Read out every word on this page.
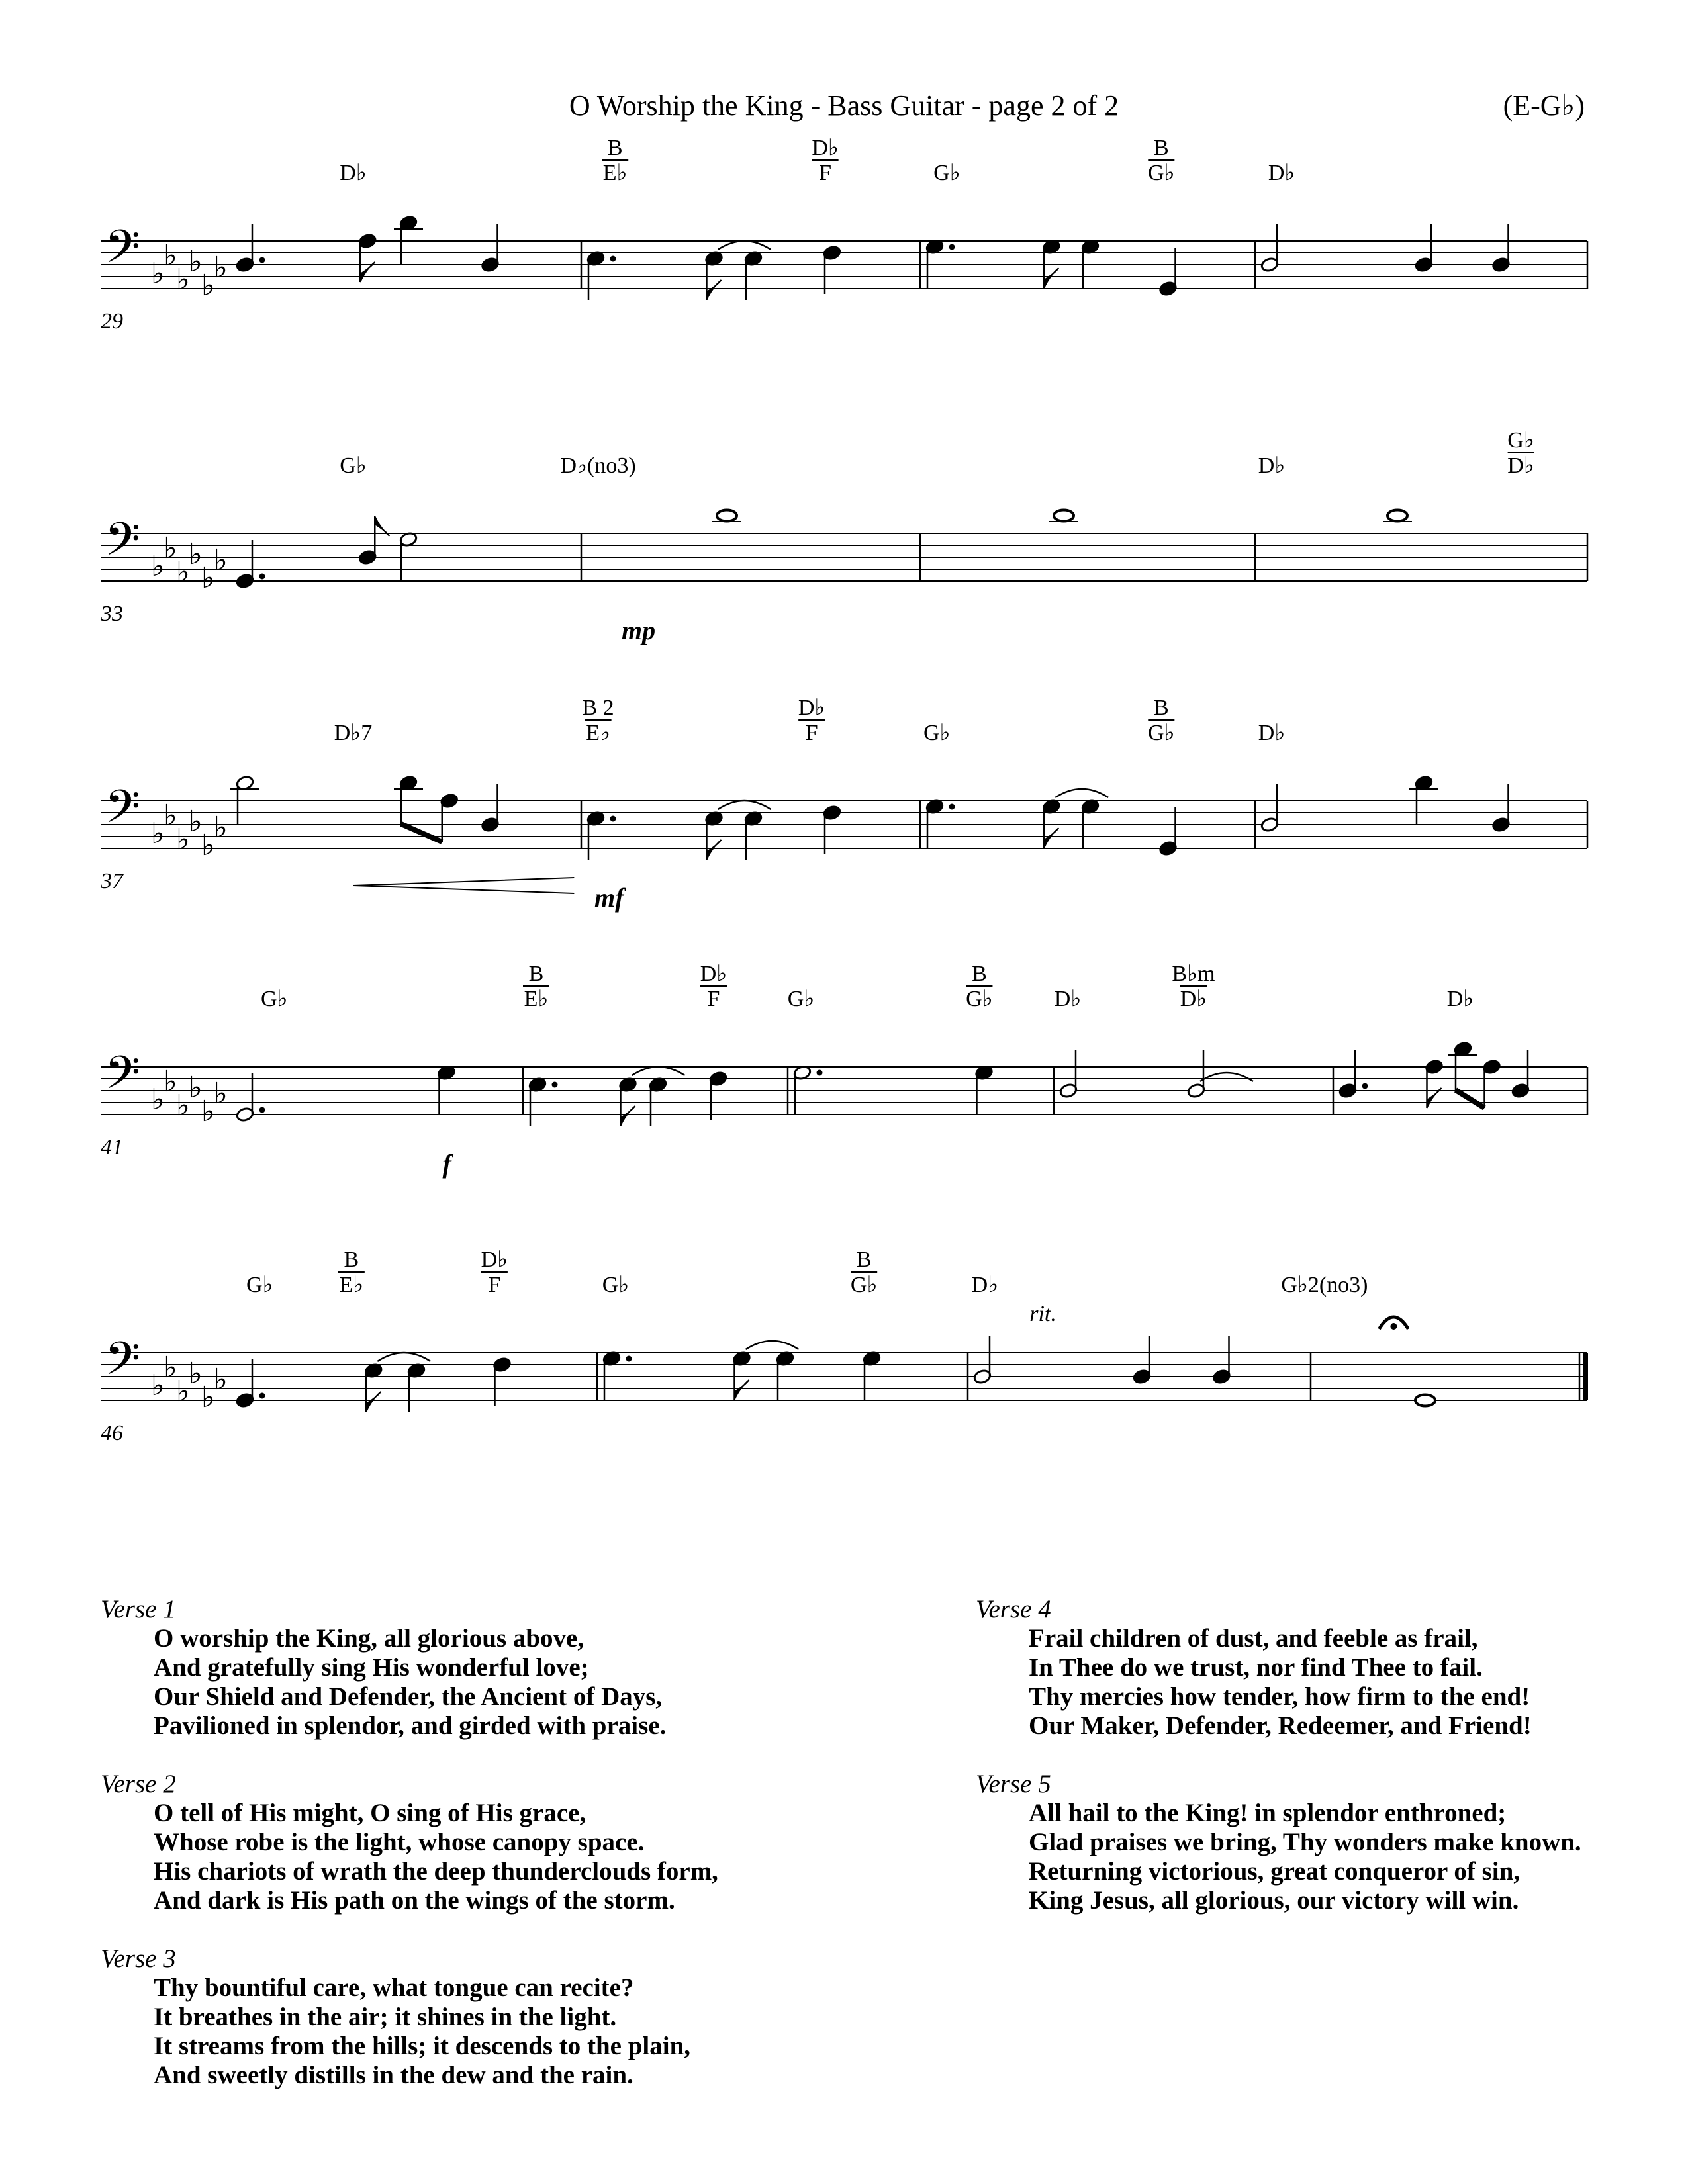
O Worship the King - Bass Guitar - page 2 of 2	(E-G♭)
𝄢 ♭
♭
♭
♭
♭
♭
29
D♭
B
E♭
D♭
F	G♭
B
G♭	D♭
𝄢 ♭
♭
♭
♭
♭
♭
33
G♭	D♭(no3)	D♭
G♭
D♭
mp
𝄢 ♭
♭
♭
♭
♭
♭
37
D♭7
B 2
E♭
D♭
F	G♭
B
G♭	D♭
mf
𝄢 ♭
♭
♭
♭
♭
♭
41
G♭
B
E♭
D♭
F	G♭
B
G♭	D♭
B♭m
D♭	D♭
f
𝄢 ♭
♭
♭
♭
♭
♭
46
G♭
B
E♭
D♭
F	G♭
B
G♭	D♭	G♭2(no3)
rit.
Verse 1
O worship the King, all glorious above,
And gratefully sing His wonderful love;
Our Shield and Defender, the Ancient of Days,
Pavilioned in splendor, and girded with praise.
Verse 2
O tell of His might, O sing of His grace,
Whose robe is the light, whose canopy space.
His chariots of wrath the deep thunderclouds form,
And dark is His path on the wings of the storm.
Verse 3
Thy bountiful care, what tongue can recite?
It breathes in the air; it shines in the light.
It streams from the hills; it descends to the plain,
And sweetly distills in the dew and the rain.
Verse 4
Frail children of dust, and feeble as frail,
In Thee do we trust, nor find Thee to fail.
Thy mercies how tender, how firm to the end!
Our Maker, Defender, Redeemer, and Friend!
Verse 5
All hail to the King! in splendor enthroned;
Glad praises we bring, Thy wonders make known.
Returning victorious, great conqueror of sin,
King Jesus, all glorious, our victory will win.
